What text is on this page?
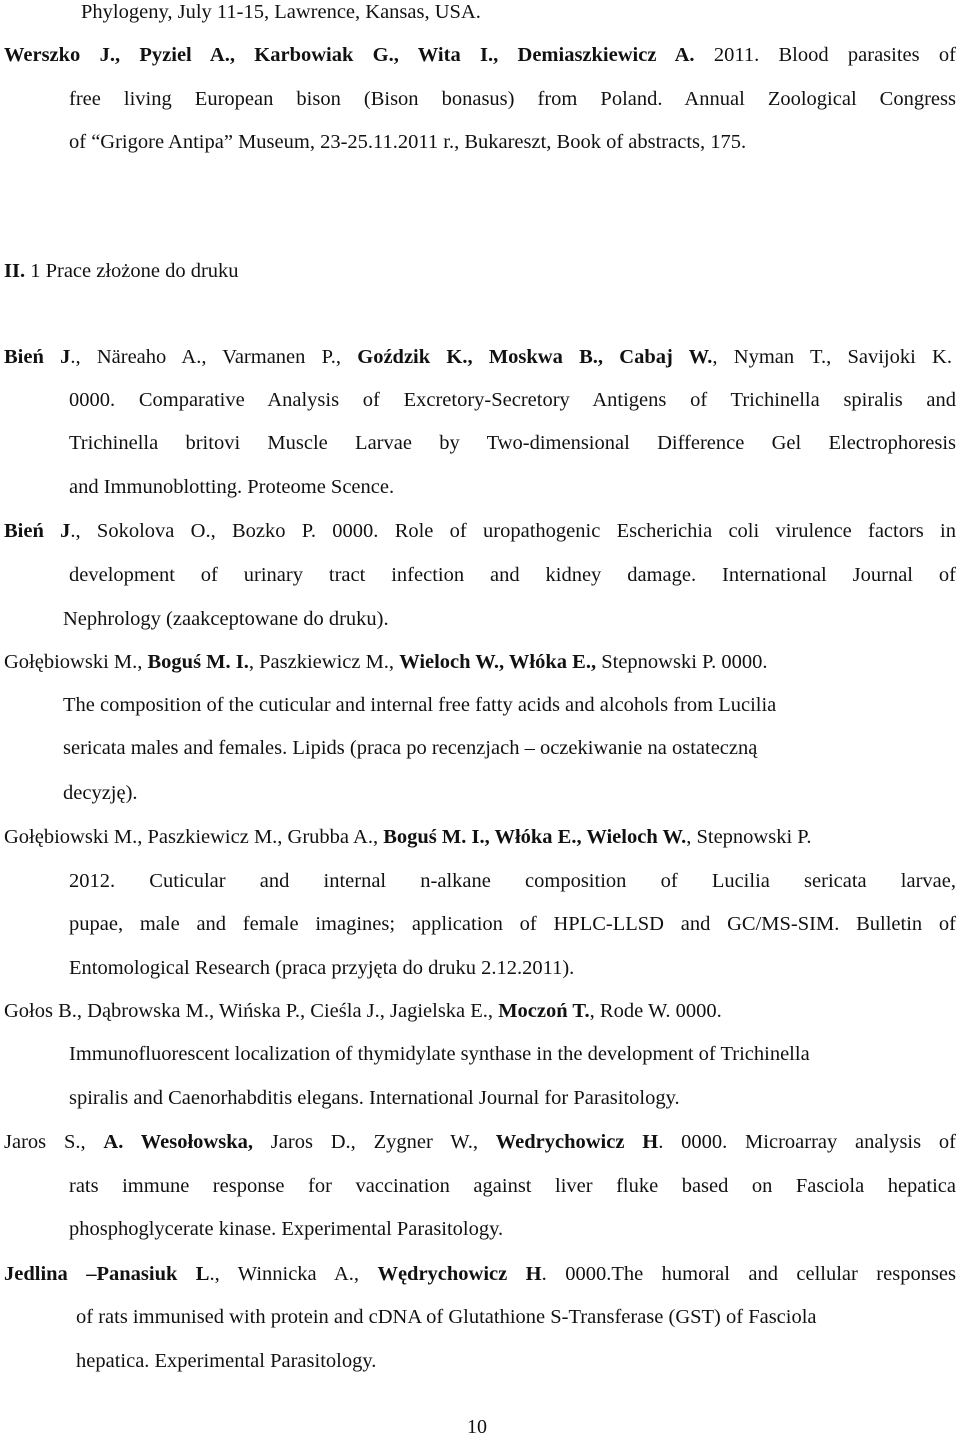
Phylogeny, July 11-15, Lawrence, Kansas, USA.
Werszko J., Pyziel A., Karbowiak G., Wita I., Demiaszkiewicz A. 2011. Blood parasites of
free living European bison (Bison bonasus) from Poland. Annual Zoological Congress
of “Grigore Antipa” Museum, 23-25.11.2011 r., Bukareszt, Book of abstracts, 175.
II. 1 Prace złożone do druku
Bień J., Näreaho A., Varmanen P., Goździk K., Moskwa B., Cabaj W., Nyman T., Savijoki K.
0000. Comparative Analysis of Excretory-Secretory Antigens of Trichinella spiralis and
Trichinella britovi Muscle Larvae by Two-dimensional Difference Gel Electrophoresis
and Immunoblotting. Proteome Scence.
Bień J., Sokolova O., Bozko P. 0000. Role of uropathogenic Escherichia coli virulence factors in
development of urinary tract infection and kidney damage. International Journal of
Nephrology (zaakceptowane do druku).
Gołębiowski M., Boguś M. I., Paszkiewicz M., Wieloch W., Włóka E., Stepnowski P. 0000.
The composition of the cuticular and internal free fatty acids and alcohols from Lucilia
sericata males and females. Lipids (praca po recenzjach – oczekiwanie na ostateczną
decyzję).
Gołębiowski M., Paszkiewicz M., Grubba A., Boguś M. I., Włóka E., Wieloch W., Stepnowski P.
2012. Cuticular and internal n-alkane composition of Lucilia sericata larvae,
pupae, male and female imagines; application of HPLC-LLSD and GC/MS-SIM. Bulletin of
Entomological Research (praca przyjęta do druku 2.12.2011).
Gołos B., Dąbrowska M., Wińska P., Cieśla J., Jagielska E., Moczoń T., Rode W. 0000.
Immunofluorescent localization of thymidylate synthase in the development of Trichinella
spiralis and Caenorhabditis elegans. International Journal for Parasitology.
Jaros S., A. Wesołowska, Jaros D., Zygner W., Wedrychowicz H. 0000. Microarray analysis of
rats immune response for vaccination against liver fluke based on Fasciola hepatica
phosphoglycerate kinase. Experimental Parasitology.
Jedlina –Panasiuk L., Winnicka A., Wędrychowicz H. 0000.The humoral and cellular responses
of rats immunised with protein and cDNA of Glutathione S-Transferase (GST) of Fasciola
hepatica. Experimental Parasitology.
10
